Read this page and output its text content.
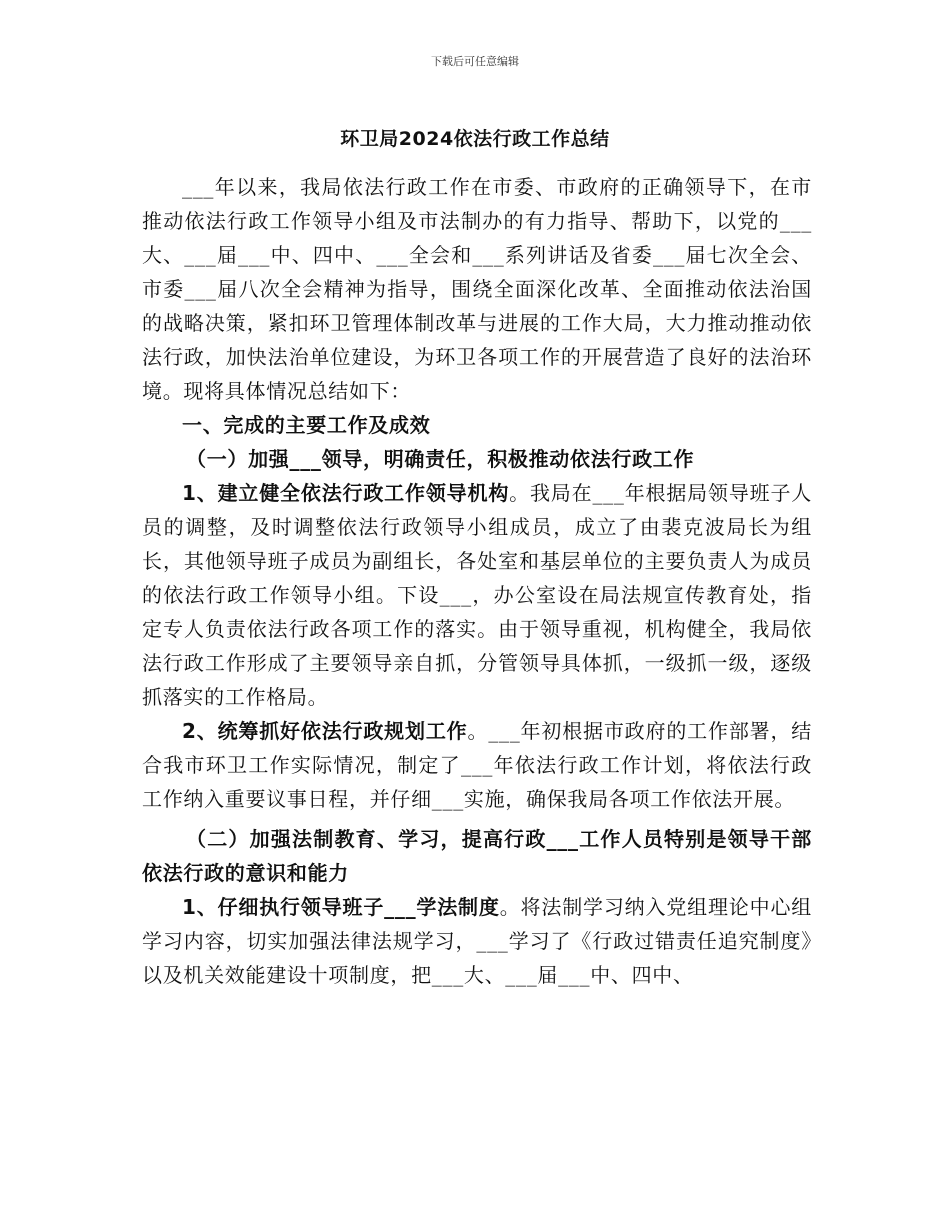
下载后可任意编辑
环卫局2024依法行政工作总结

___年以来，我局依法行政工作在市委、市政府的正确领导下，在市推动依法行政工作领导小组及市法制办的有力指导、帮助下，以党的___大、___届___中、四中、___全会和___系列讲话及省委___届七次全会、市委___届八次全会精神为指导，围绕全面深化改革、全面推动依法治国的战略决策，紧扣环卫管理体制改革与进展的工作大局，大力推动推动依法行政，加快法治单位建设，为环卫各项工作的开展营造了良好的法治环境。现将具体情况总结如下：

一、完成的主要工作及成效

（一）加强___领导，明确责任，积极推动依法行政工作

1、建立健全依法行政工作领导机构。我局在___年根据局领导班子人员的调整，及时调整依法行政领导小组成员，成立了由裴克波局长为组长，其他领导班子成员为副组长，各处室和基层单位的主要负责人为成员的依法行政工作领导小组。下设___，办公室设在局法规宣传教育处，指定专人负责依法行政各项工作的落实。由于领导重视，机构健全，我局依法行政工作形成了主要领导亲自抓，分管领导具体抓，一级抓一级，逐级抓落实的工作格局。

2、统筹抓好依法行政规划工作。___年初根据市政府的工作部署，结合我市环卫工作实际情况，制定了___年依法行政工作计划，将依法行政工作纳入重要议事日程，并仔细___实施，确保我局各项工作依法开展。

（二）加强法制教育、学习，提高行政___工作人员特别是领导干部依法行政的意识和能力

1、仔细执行领导班子___学法制度。将法制学习纳入党组理论中心组学习内容，切实加强法律法规学习，___学习了《行政过错责任追究制度》以及机关效能建设十项制度，把___大、___届___中、四中、
